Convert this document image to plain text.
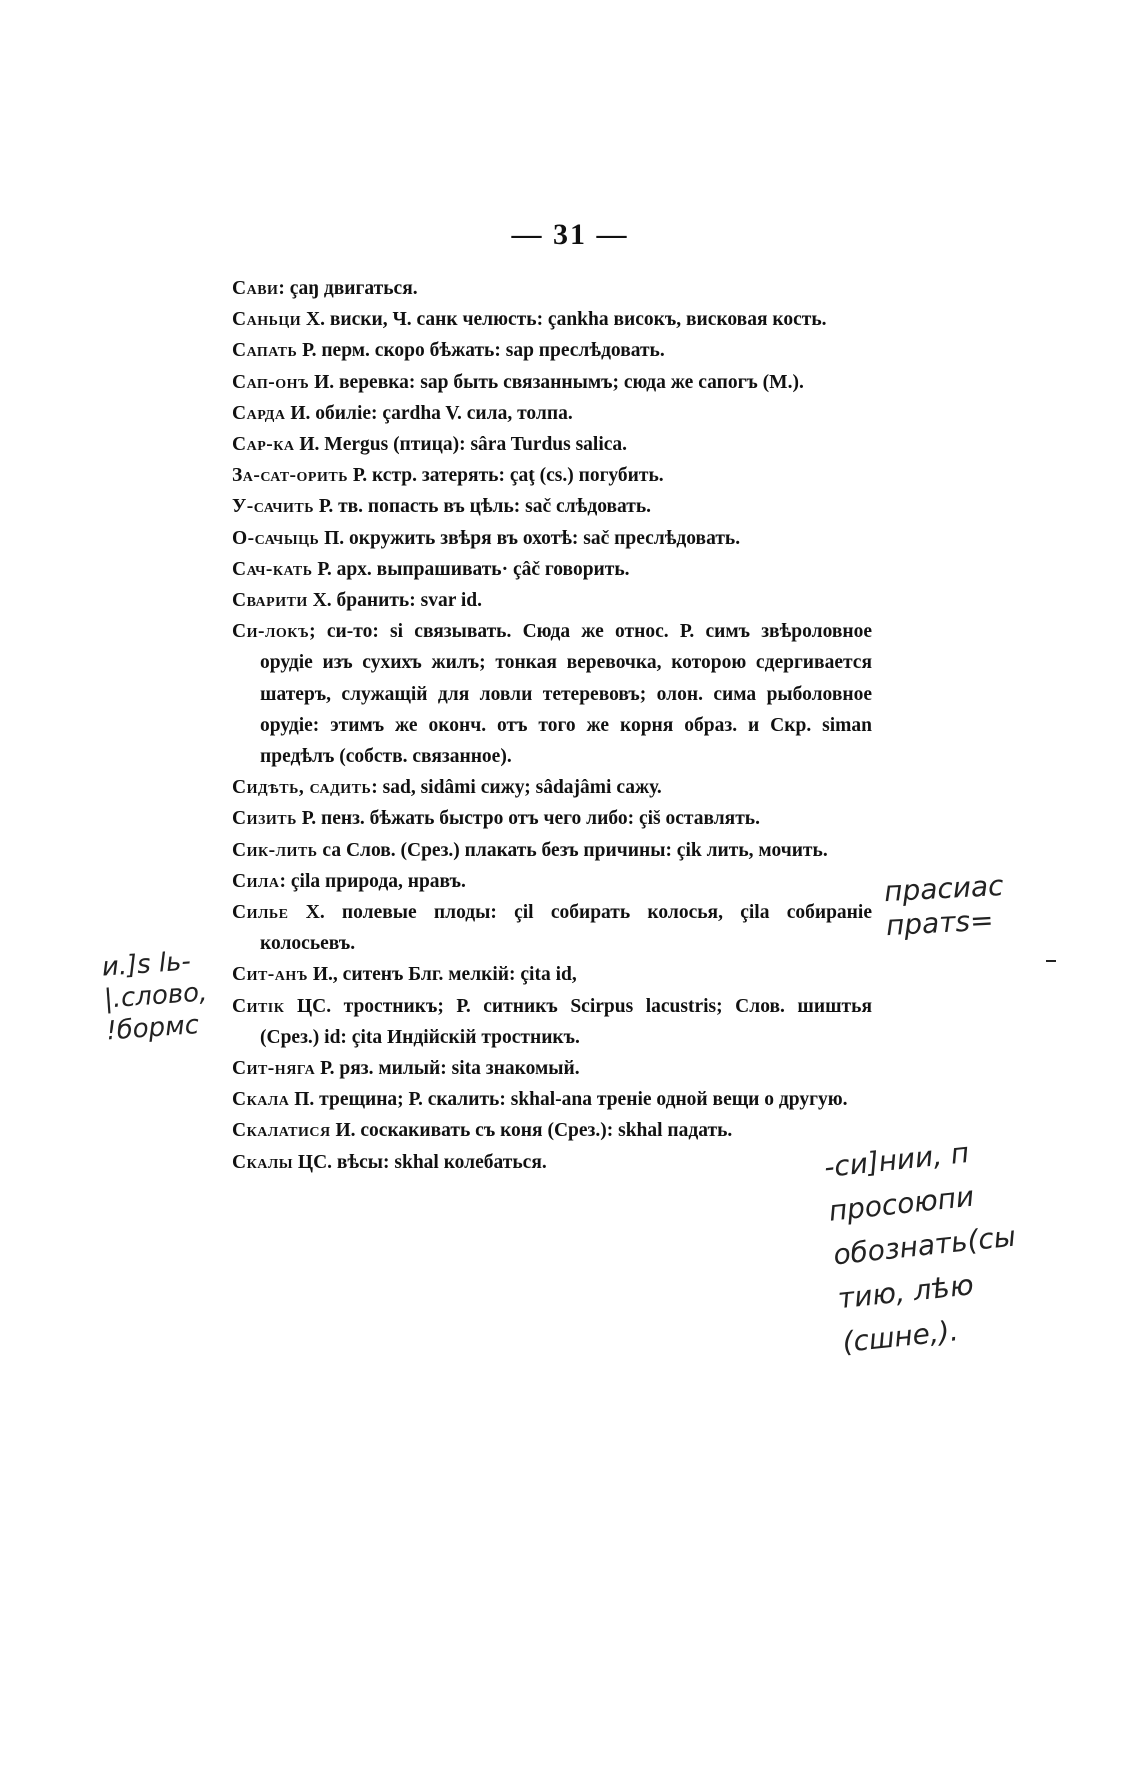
— 31 —
Сави: çaŋ двигаться.
Саньци Х. виски, Ч. санк челюсть: çankha високъ, висковая кость.
Сапать Р. перм. скоро бѣжать: sap преслѣдовать.
Сап-онъ И. веревка: sap быть связаннымъ; сюда же сапогъ (М.).
Сарда И. обиліе: çardha V. сила, толпа.
Сар-ка И. Mergus (птица): sâra Turdus salica.
За-сат-орить Р. кстр. затерять: çaţ (cs.) погубить.
У-сачить Р. тв. попасть въ цѣль: sač слѣдовать.
О-сачыць П. окружить звѣря въ охотѣ: sač преслѣдовать.
Сач-кать Р. арх. выпрашивать· çâč говорить.
Сварити Х. бранить: svar id.
Си-локъ; си-то: si связывать. Сюда же относ. Р. симъ звѣроловное орудіе изъ сухихъ жилъ; тонкая веревочка, которою сдергивается шатеръ, служащій для ловли тетеревовъ; олон. сима рыболовное орудіе: этимъ же оконч. отъ того же корня образ. и Скр. siman предѣлъ (собств. связанное).
Сидѣть, садить: sad, sidâmi сижу; sâdajâmi сажу.
Сизить Р. пенз. бѣжать быстро отъ чего либо: çiš оставлять.
Сик-лить са Слов. (Срез.) плакать безъ причины: çik лить, мочить.
Сила: çila природа, нравъ.
Силье Х. полевые плоды: çil собирать колосья, çila собираніе колосьевъ.
Сит-анъ И., ситенъ Блг. мелкій: çita id,
Ситік ЦС. тростникъ; Р. ситникъ Scirpus lacustris; Слов. шиштья (Срез.) id: çita Индійскій тростникъ.
Сит-няга Р. ряз. милый: sita знакомый.
Скала П. трещина; Р. скалить: skhal-ana треніе одной вещи о другую.
Скалатися И. соскакивать съ коня (Срез.): skhal падать.
Скалы ЦС. вѣсы: skhal колебаться.
и.]s lь-
|.слово,
!бормс
прасиас
пратs=
-си]нии, п
просоюпи
обознать(сы
тию, лѣю
(сшне,).
